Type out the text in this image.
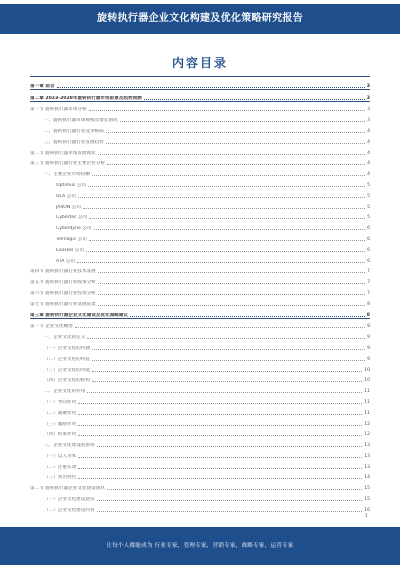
旋转执行器企业文化构建及优化策略研究报告
内容目录
第一章 前言	3
第二章 2023-2028年旋转执行器市场前景及趋势预测	3
第一节 旋转执行器市场分析	3
一、旋转执行器市场规模及增长情况	3
二、旋转执行器行业竞争格局	4
三、旋转执行器行业发展趋势	4
第二节 旋转执行器市场发展现状	4
第三节 旋转执行器行业主要企业分析	4
一、主要企业市场份额	4
Optimus 公司	5
ULA 公司	5
JAXON 公司	5
Cybertec 公司	5
Cyberdyne 公司	6
Telmagic 公司	6
Exoskel 公司	6
ATA 公司	6
第四节 旋转执行器行业技术发展	7
第五节 旋转执行器行业政策分析	7
第六节 旋转执行器行业投资分析	7
第七节 旋转执行器行业发展前景	8
第三章 旋转执行器企业文化建设及优化策略建议	8
第一节 企业文化概述	8
一、企业文化的定义	9
（一）企业文化的内涵	9
（二）企业文化的特征	9
（三）企业文化的功能	10
（四）企业文化的结构	10
二、企业文化的作用	11
（一）导向作用	11
（二）凝聚作用	11
（三）激励作用	12
（四）约束作用	12
三、企业文化建设的原则	13
（一）以人为本	13
（二）注重实效	13
（三）突出特色	14
第二节 旋转执行器企业文化建设现状	15
（一）企业文化建设意识	15
（二）企业文化建设内容	16
1
让每个人都能成为 行业专家，管理专家，营销专家，战略专家，运营专家
